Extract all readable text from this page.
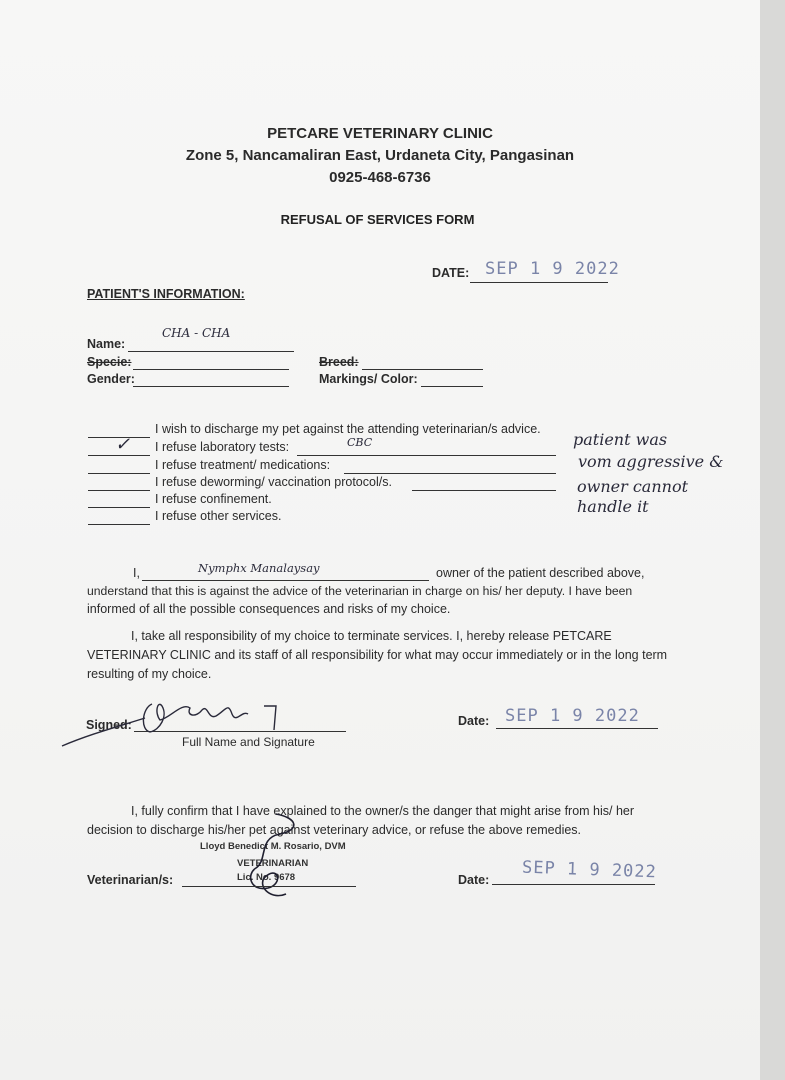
PETCARE VETERINARY CLINIC
Zone 5, Nancamaliran East, Urdaneta City, Pangasinan
0925-468-6736
REFUSAL OF SERVICES FORM
DATE: SEP 1 9 2022
PATIENT'S INFORMATION:
CHA - CHA
Name:
Specie:	Breed:
Gender:	Markings/ Color:
I wish to discharge my pet against the attending veterinarian/s advice.
✓ I refuse laboratory tests:	CBC
I refuse treatment/ medications:
I refuse deworming/ vaccination protocol/s.
I refuse confinement.
I refuse other services.
patient was
vom aggressive &
owner cannot
handle it
I,	Nymphx Manalaysay	owner of the patient described above,
understand that this is against the advice of the veterinarian in charge on his/ her deputy. I have been
informed of all the possible consequences and risks of my choice.
I, take all responsibility of my choice to terminate services. I, hereby release PETCARE VETERINARY CLINIC and its staff of all responsibility for what may occur immediately or in the long term resulting of my choice.
Signed:
Full Name and Signature
Date: SEP 1 9 2022
I, fully confirm that I have explained to the owner/s the danger that might arise from his/ her decision to discharge his/her pet against veterinary advice, or refuse the above remedies.
Lloyd Benedict M. Rosario, DVM
VETERINARIAN
Lic. No. 9678
Veterinarian/s:	Date: SEP 1 9 2022
